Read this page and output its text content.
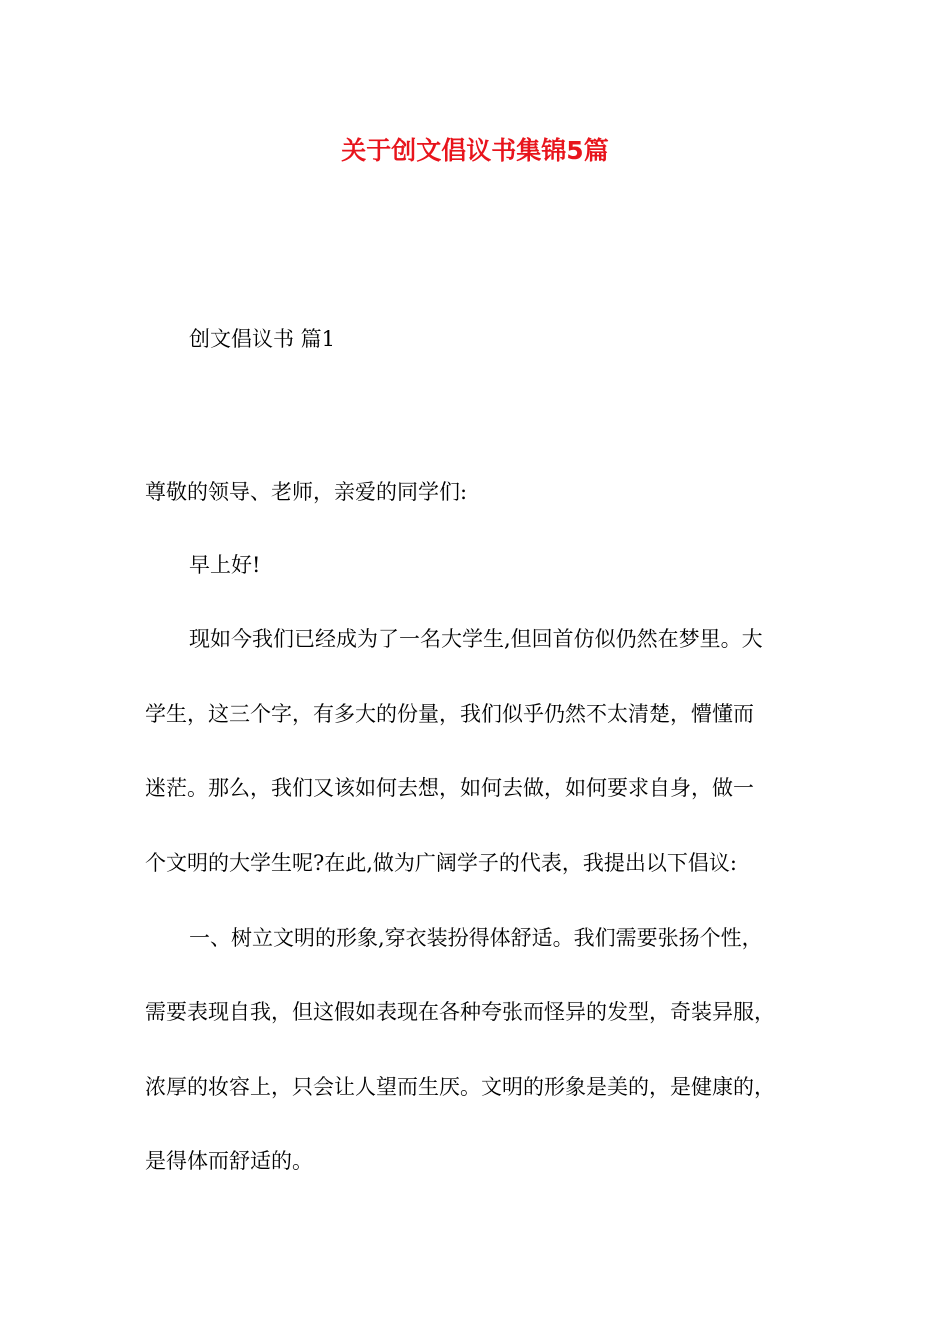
关于创文倡议书集锦5篇
创文倡议书 篇1
尊敬的领导、老师，亲爱的同学们:
早上好!
现如今我们已经成为了一名大学生,但回首仿似仍然在梦里。大
学生，这三个字，有多大的份量，我们似乎仍然不太清楚，懵懂而
迷茫。那么，我们又该如何去想，如何去做，如何要求自身，做一
个文明的大学生呢?在此,做为广阔学子的代表，我提出以下倡议:
一、树立文明的形象,穿衣装扮得体舒适。我们需要张扬个性，
需要表现自我，但这假如表现在各种夸张而怪异的发型，奇装异服，
浓厚的妆容上，只会让人望而生厌。文明的形象是美的，是健康的，
是得体而舒适的。
